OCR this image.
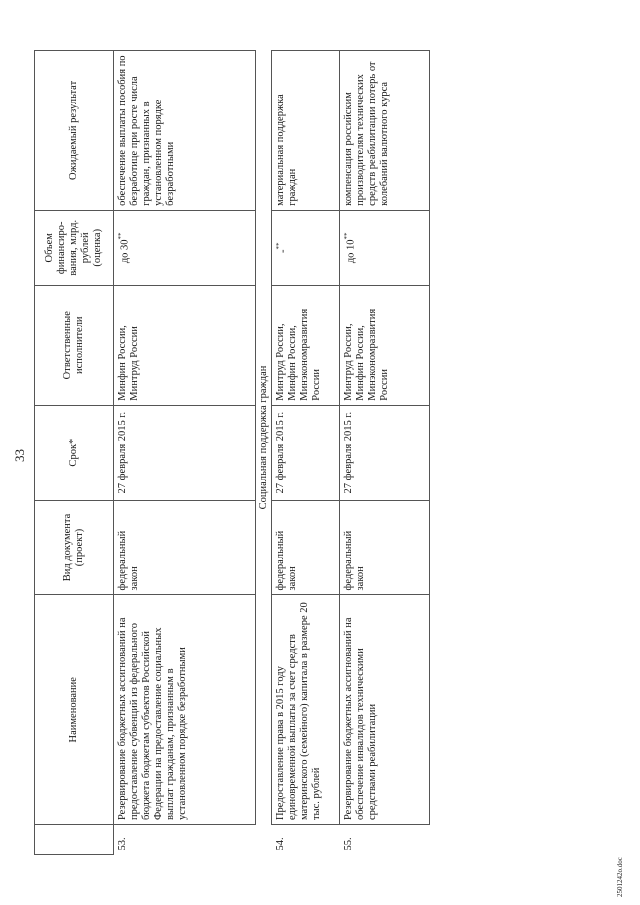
33
	Наименование	Вид документа (проект)	Срок*	Ответственные исполнители	Объем финансиро-вания, млрд. рублей (оценка)	Ожидаемый результат
53.	Резервирование бюджетных ассигнований на предоставление субвенций из федерального бюджета бюджетам субъектов Российской Федерации на предоставление социальных выплат гражданам, признанным в установленном порядке безработными	федеральный закон	27 февраля 2015 г.	Минфин России, Минтруд России	до 30**	обеспечение выплаты пособия по безработице при росте числа граждан, признанных в установленном порядке безработными
	Социальная поддержка граждан					
54.	Предоставление права в 2015 году единовременной выплаты за счет средств материнского (семейного) капитала в размере 20 тыс. рублей	федеральный закон	27 февраля 2015 г.	Минтруд России, Минфин России, Минэкономразвития России	-**	материальная поддержка граждан
55.	Резервирование бюджетных ассигнований на обеспечение инвалидов техническими средствами реабилитации	федеральный закон	27 февраля 2015 г.	Минтруд России, Минфин России, Минэкономразвития России	до 10**	компенсация российским производителям технических средств реабилитации потерь от колебаний валютного курса
2501242о.doc
